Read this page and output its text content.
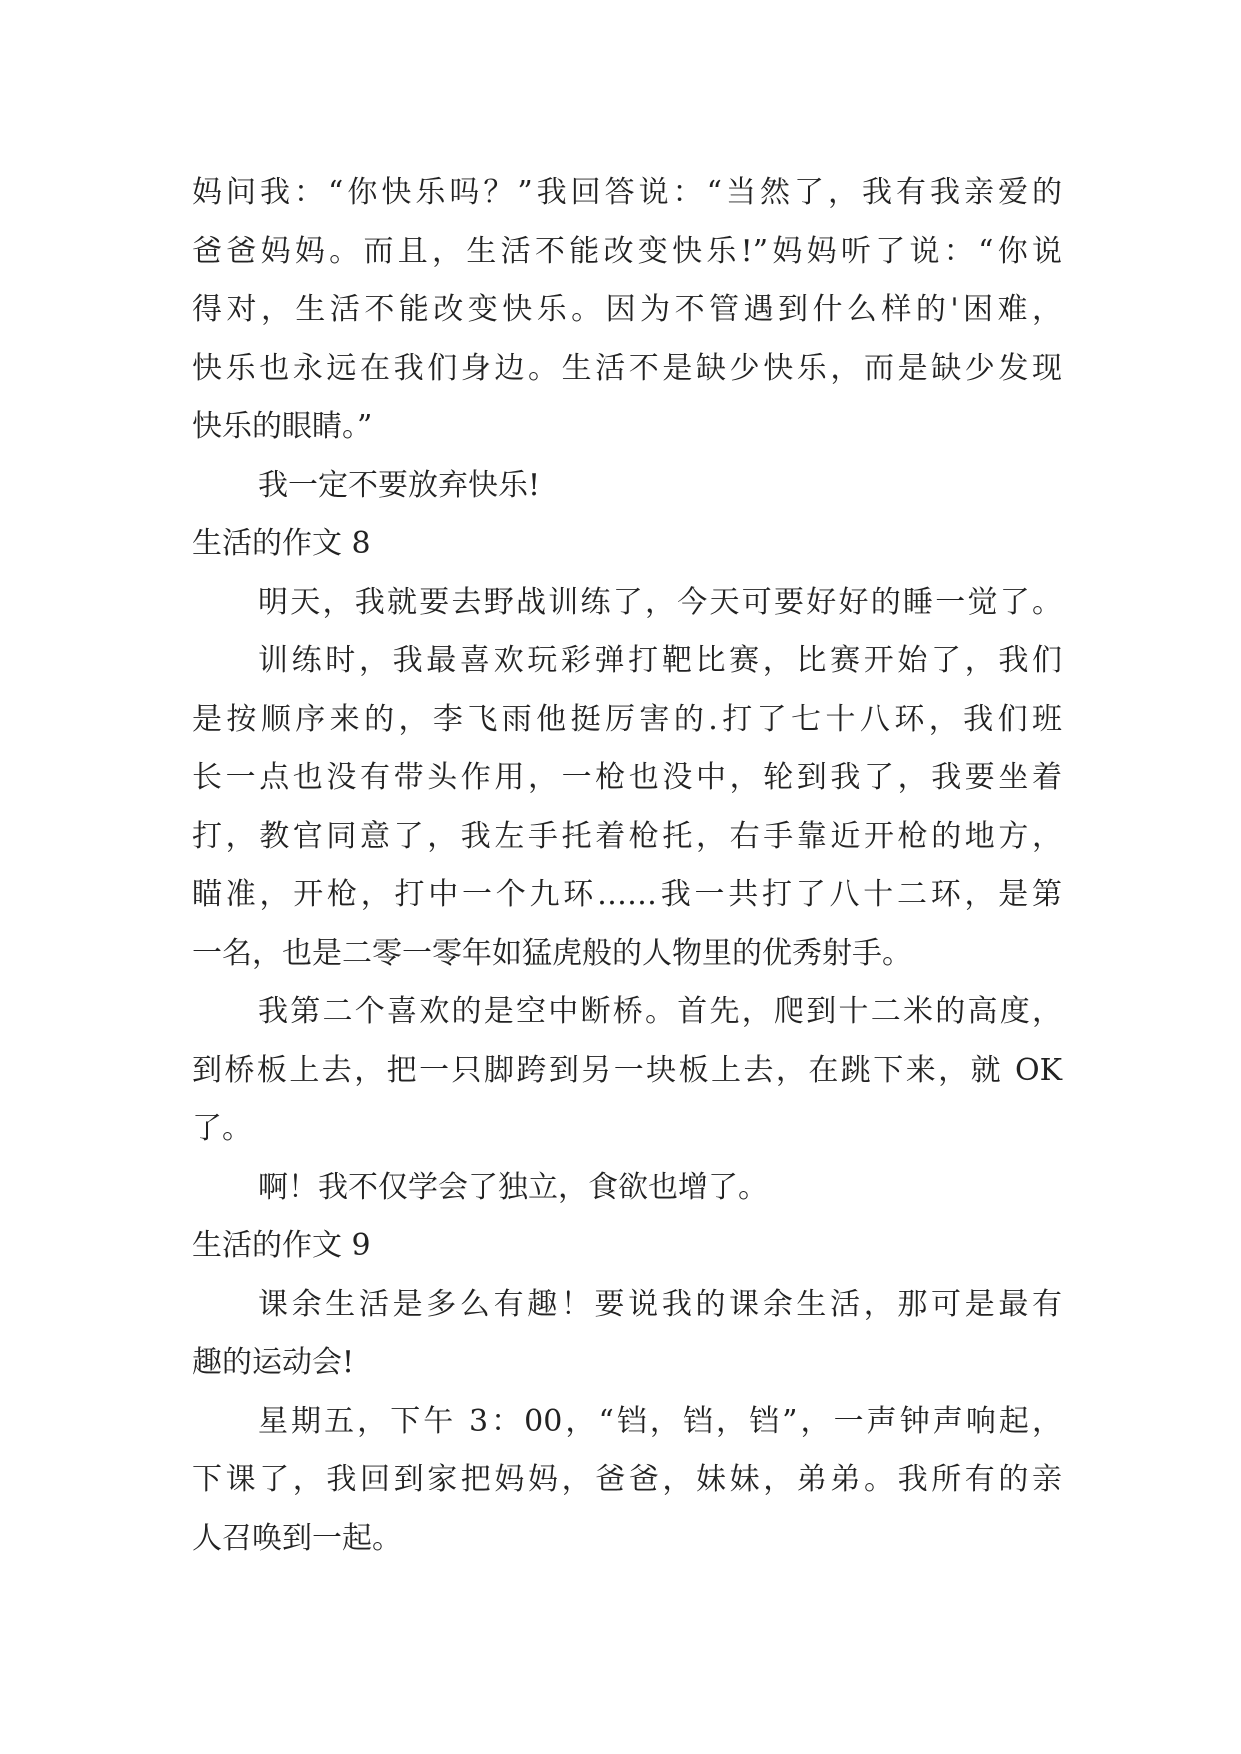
妈问我：“你快乐吗？”我回答说：“当然了，我有我亲爱的
爸爸妈妈。而且，生活不能改变快乐!”妈妈听了说：“你说
得对，生活不能改变快乐。因为不管遇到什么样的'困难，
快乐也永远在我们身边。生活不是缺少快乐，而是缺少发现
快乐的眼睛。”
我一定不要放弃快乐!
生活的作文 8
明天，我就要去野战训练了，今天可要好好的睡一觉了。
训练时，我最喜欢玩彩弹打靶比赛，比赛开始了，我们
是按顺序来的，李飞雨他挺厉害的.打了七十八环，我们班
长一点也没有带头作用，一枪也没中，轮到我了，我要坐着
打，教官同意了，我左手托着枪托，右手靠近开枪的地方，
瞄准，开枪，打中一个九环……我一共打了八十二环，是第
一名，也是二零一零年如猛虎般的人物里的优秀射手。
我第二个喜欢的是空中断桥。首先，爬到十二米的高度，
到桥板上去，把一只脚跨到另一块板上去，在跳下来，就 OK
了。
啊！我不仅学会了独立，食欲也增了。
生活的作文 9
课余生活是多么有趣！要说我的课余生活，那可是最有
趣的运动会!
星期五，下午 3：00，“铛，铛，铛”，一声钟声响起，
下课了，我回到家把妈妈，爸爸，妹妹，弟弟。我所有的亲
人召唤到一起。
